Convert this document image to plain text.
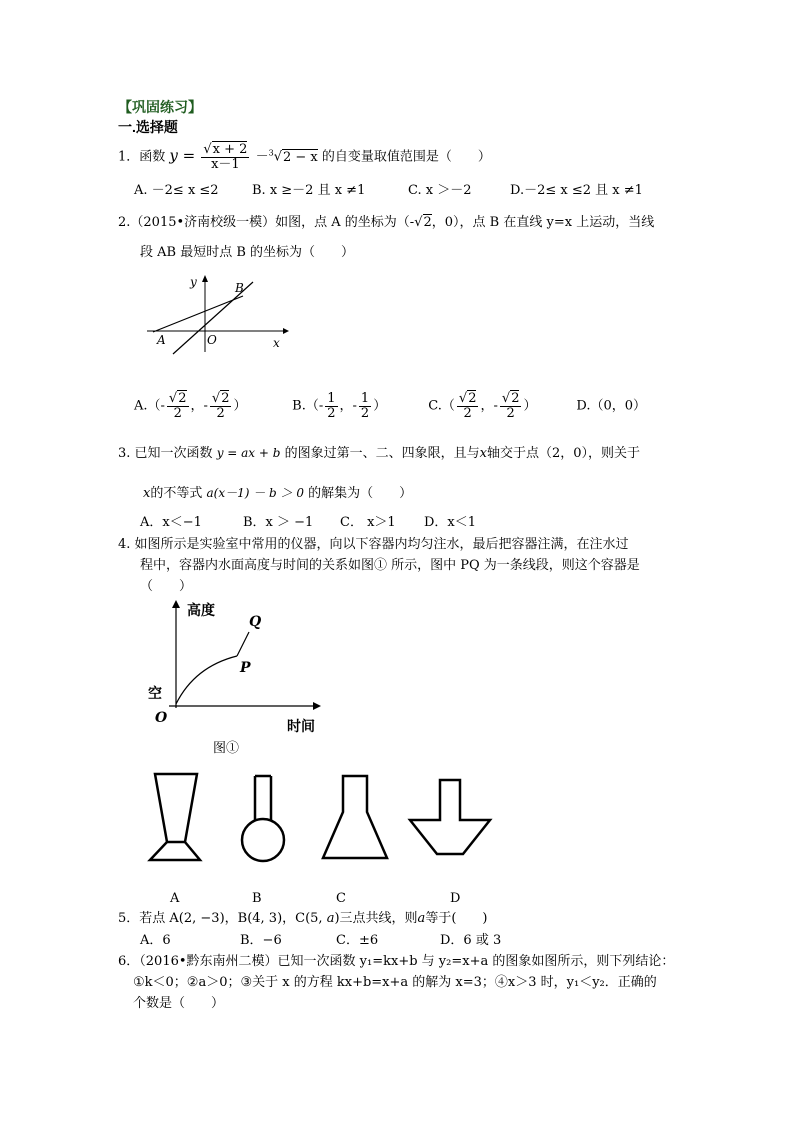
【巩固练习】
一.选择题
1．函数 $y = \frac{√x + 2}{x-1} -^3√2 - x$ 的自变量取值范围是（　　）
A. －2≤ x ≤2	B. x ≥－2 且 x ≠1	C. x ＞－2	D.－2≤ x ≤2 且 x ≠1
2.（2015•济南校级一模）如图，点 A 的坐标为（-√2，0），点 B 在直线 y=x 上运动，当线
段 AB 最短时点 B 的坐标为（　　）
y
x
O
A
B
$A.(- \frac{√2}{2}$ ，- $\frac{√2}{2}$ ）	$B.(- \frac{1}{2}$ ，- $\frac{1}{2}$ ）	$C.( \frac{√2}{2}$ ，- $\frac{√2}{2}$ ）	D.（0，0）
3. 已知一次函数 y = ax + b 的图象过第一、二、四象限，且与x轴交于点（2，0），则关于
x的不等式 a(x－1) － b ＞ 0 的解集为（　　）
A．x＜−1	B．x ＞ −1 C． x＞1 D．x＜1
4. 如图所示是实验室中常用的仪器，向以下容器内均匀注水，最后把容器注满，在注水过
程中，容器内水面高度与时间的关系如图① 所示，图中 PQ 为一条线段，则这个容器是
（　　）
高度
时间
空
O
P
Q
图①
A	B	C	D
5．若点 A(2, −3)，B(4, 3)，C(5, a)三点共线，则a等于(　　)
A．6	B．−6	C．±6	D．6 或 3
6．（2016•黔东南州二模）已知一次函数 y₁=kx+b 与 y₂=x+a 的图象如图所示，则下列结论：
①k＜0；②a＞0；③关于 x 的方程 kx+b=x+a 的解为 x=3；④x＞3 时，y₁＜y₂．正确的
个数是（　　）
